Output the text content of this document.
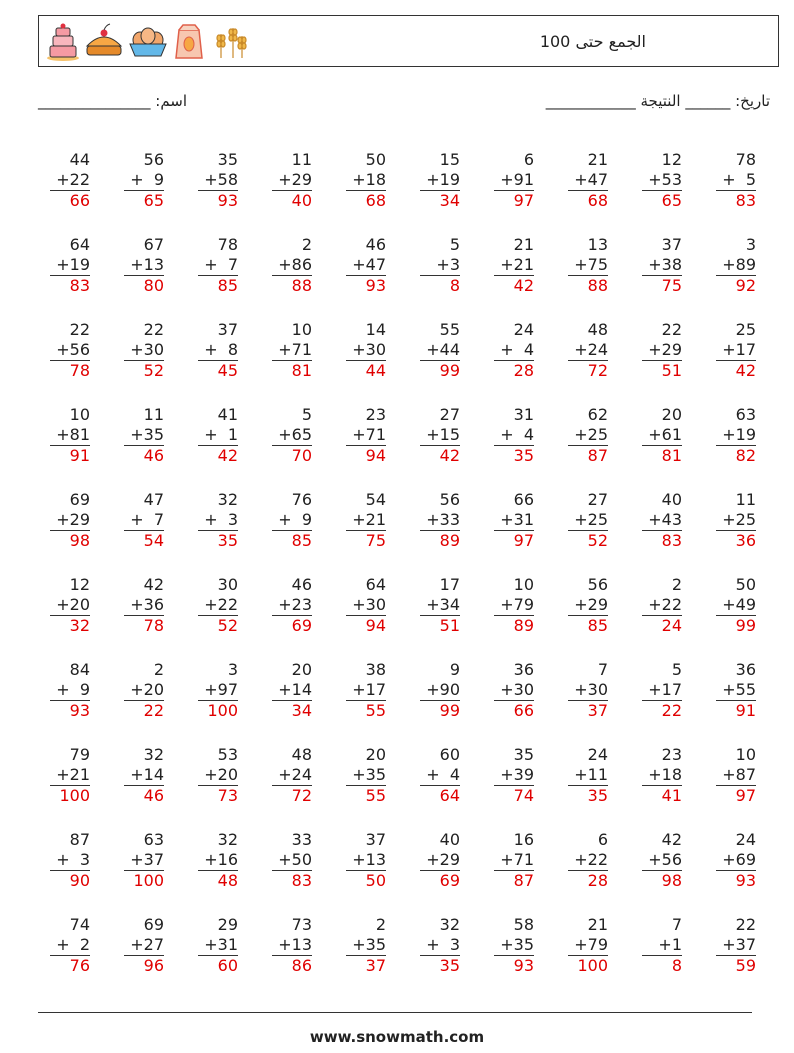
الجمع حتى 100
تاريخ: ______ النتيجة ____________
اسم: _______________
44
+22
66
56
+  9
65
35
+58
93
11
+29
40
50
+18
68
15
+19
34
6
+91
97
21
+47
68
12
+53
65
78
+  5
83
64
+19
83
67
+13
80
78
+  7
85
2
+86
88
46
+47
93
5
+3
8
21
+21
42
13
+75
88
37
+38
75
3
+89
92
22
+56
78
22
+30
52
37
+  8
45
10
+71
81
14
+30
44
55
+44
99
24
+  4
28
48
+24
72
22
+29
51
25
+17
42
10
+81
91
11
+35
46
41
+  1
42
5
+65
70
23
+71
94
27
+15
42
31
+  4
35
62
+25
87
20
+61
81
63
+19
82
69
+29
98
47
+  7
54
32
+  3
35
76
+  9
85
54
+21
75
56
+33
89
66
+31
97
27
+25
52
40
+43
83
11
+25
36
12
+20
32
42
+36
78
30
+22
52
46
+23
69
64
+30
94
17
+34
51
10
+79
89
56
+29
85
2
+22
24
50
+49
99
84
+  9
93
2
+20
22
3
+97
100
20
+14
34
38
+17
55
9
+90
99
36
+30
66
7
+30
37
5
+17
22
36
+55
91
79
+21
100
32
+14
46
53
+20
73
48
+24
72
20
+35
55
60
+  4
64
35
+39
74
24
+11
35
23
+18
41
10
+87
97
87
+  3
90
63
+37
100
32
+16
48
33
+50
83
37
+13
50
40
+29
69
16
+71
87
6
+22
28
42
+56
98
24
+69
93
74
+  2
76
69
+27
96
29
+31
60
73
+13
86
2
+35
37
32
+  3
35
58
+35
93
21
+79
100
7
+1
8
22
+37
59
www.snowmath.com
